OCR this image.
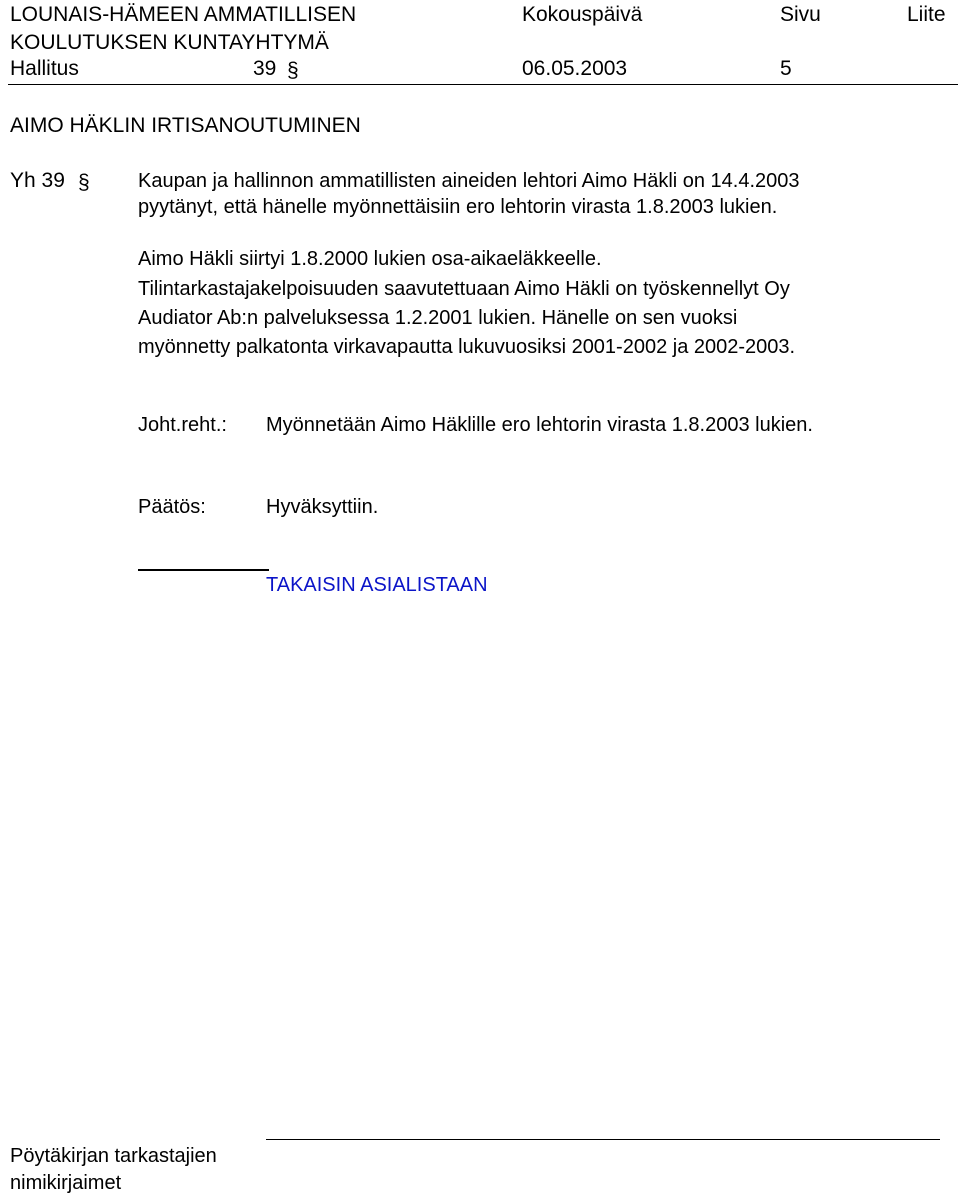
LOUNAIS-HÄMEEN AMMATILLISEN
KOULUTUKSEN KUNTAYHTYMÄ
Kokouspäivä	Sivu	Liite
Hallitus	39 §	06.05.2003	5
AIMO HÄKLIN IRTISANOUTUMINEN
Yh 39 § Kaupan ja hallinnon ammatillisten aineiden lehtori Aimo Häkli on 14.4.2003
pyytänyt, että hänelle myönnettäisiin ero lehtorin virasta 1.8.2003 lukien.
Aimo Häkli siirtyi 1.8.2000 lukien osa-aikaeläkkeelle.
Tilintarkastajakelpoisuuden saavutettuaan Aimo Häkli on työskennellyt Oy
Audiator Ab:n palveluksessa 1.2.2001 lukien. Hänelle on sen vuoksi
myönnetty palkatonta virkavapautta lukuvuosiksi 2001-2002 ja 2002-2003.
Joht.reht.: Myönnetään Aimo Häklille ero lehtorin virasta 1.8.2003 lukien.
Päätös:	Hyväksyttiin.
TAKAISIN ASIALISTAAN
Pöytäkirjan tarkastajien
nimikirjaimet
